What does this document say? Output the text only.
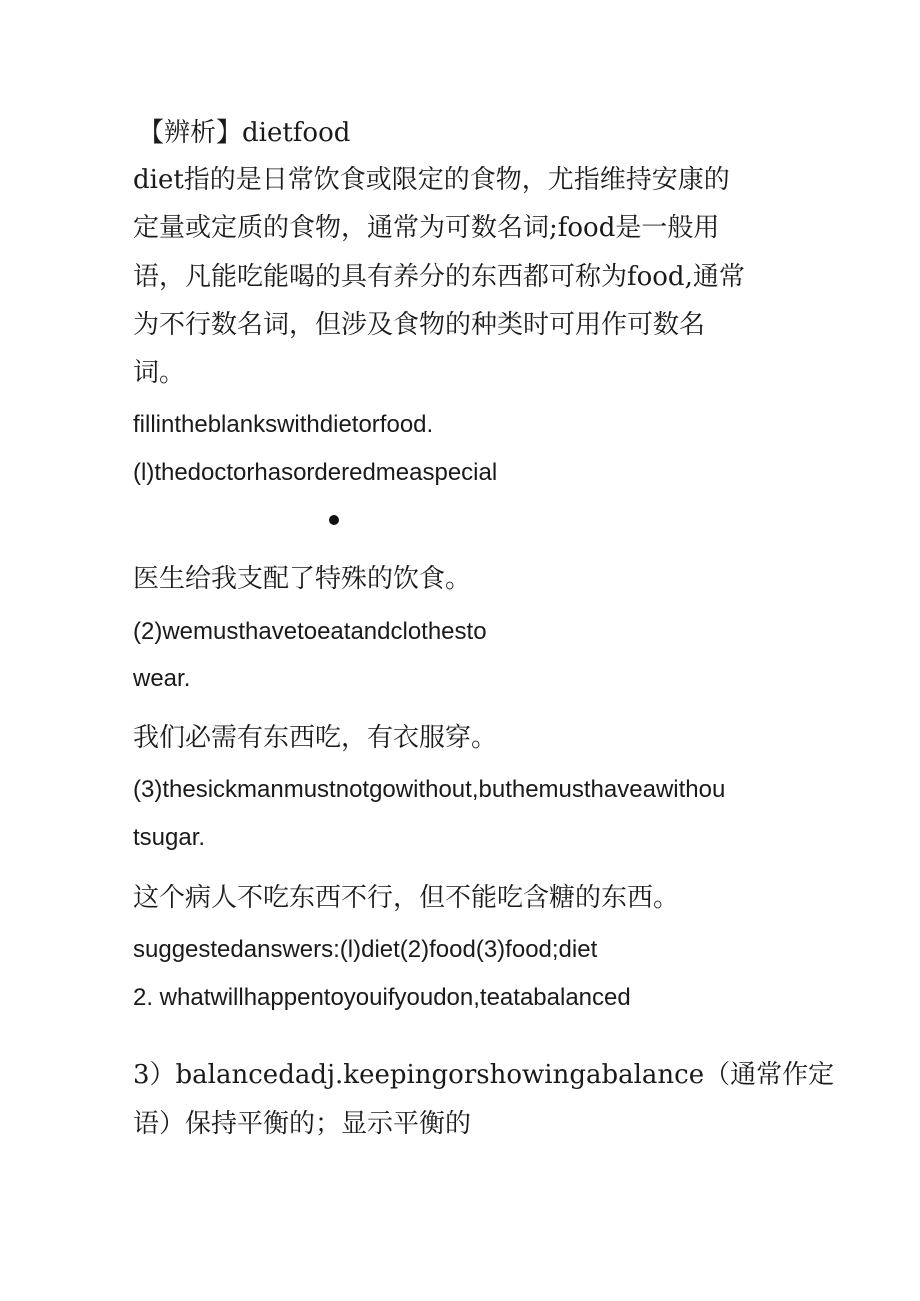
【辨析】dietfood
diet指的是日常饮食或限定的食物，尤指维持安康的
定量或定质的食物，通常为可数名词;food是一般用
语，凡能吃能喝的具有养分的东西都可称为food,通常
为不行数名词，但涉及食物的种类时可用作可数名
词。
fillintheblankswithdietorfood.
(l)thedoctorhasorderedmeaspecial
医生给我支配了特殊的饮食。
(2)wemusthavetoeatandclothesto
wear.
我们必需有东西吃，有衣服穿。
(3)thesickmanmustnotgowithout,buthemusthaveawithou
tsugar.
这个病人不吃东西不行，但不能吃含糖的东西。
suggestedanswers:(l)diet(2)food(3)food;diet
2. whatwillhappentoyouifyoudon,teatabalanced
3）balancedadj.keepingorshowingabalance（通常作定
语）保持平衡的；显示平衡的
